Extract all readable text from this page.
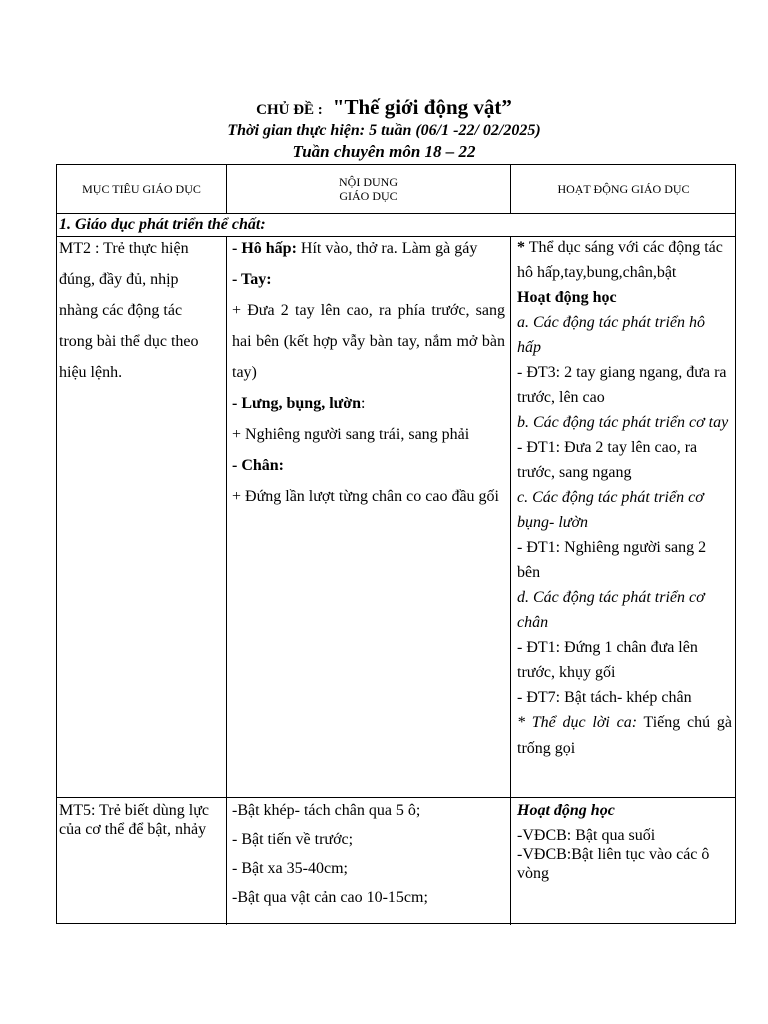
CHỦ ĐỀ : "Thế giới động vật”
Thời gian thực hiện: 5 tuần (06/1 -22/ 02/2025)
Tuần chuyên môn 18 – 22
MỤC TIÊU GIÁO DỤC	NỘI DUNG
GIÁO DỤC	HOẠT ĐỘNG GIÁO DỤC
1. Giáo dục phát triển thể chất:

MT2 : Trẻ thực hiện

đúng, đầy đủ, nhịp

nhàng các động tác

trong bài thể dục theo

hiệu lệnh.

- Hô hấp: Hít vào, thở ra. Làm gà gáy

- Tay:

+ Đưa 2 tay lên cao, ra phía trước, sang hai bên (kết hợp vẫy bàn tay, nắm mở bàn tay)

- Lưng, bụng, lườn:

+ Nghiêng người sang trái, sang phải

- Chân:

+ Đứng lần lượt từng chân co cao đầu gối

* Thể dục sáng với các động tác hô hấp,tay,bung,chân,bật

Hoạt động học

a. Các động tác phát triển hô hấp

- ĐT3: 2 tay giang ngang, đưa ra trước, lên cao

b. Các động tác phát triển cơ tay

- ĐT1: Đưa 2 tay lên cao, ra trước, sang ngang

c. Các động tác phát triển cơ bụng- lườn

- ĐT1: Nghiêng người sang 2 bên

d. Các động tác phát triển cơ chân

- ĐT1: Đứng 1 chân đưa lên trước, khụy gối

- ĐT7: Bật tách- khép chân

* Thể dục lời ca: Tiếng chú gà trống gọi

MT5: Trẻ biết dùng lực của cơ thể để bật, nhảy

-Bật khép- tách chân qua 5 ô;

- Bật tiến về trước;

- Bật xa 35-40cm;

-Bật qua vật cản cao 10-15cm;

Hoạt động học

-VĐCB: Bật qua suối

-VĐCB:Bật liên tục vào các ô vòng
